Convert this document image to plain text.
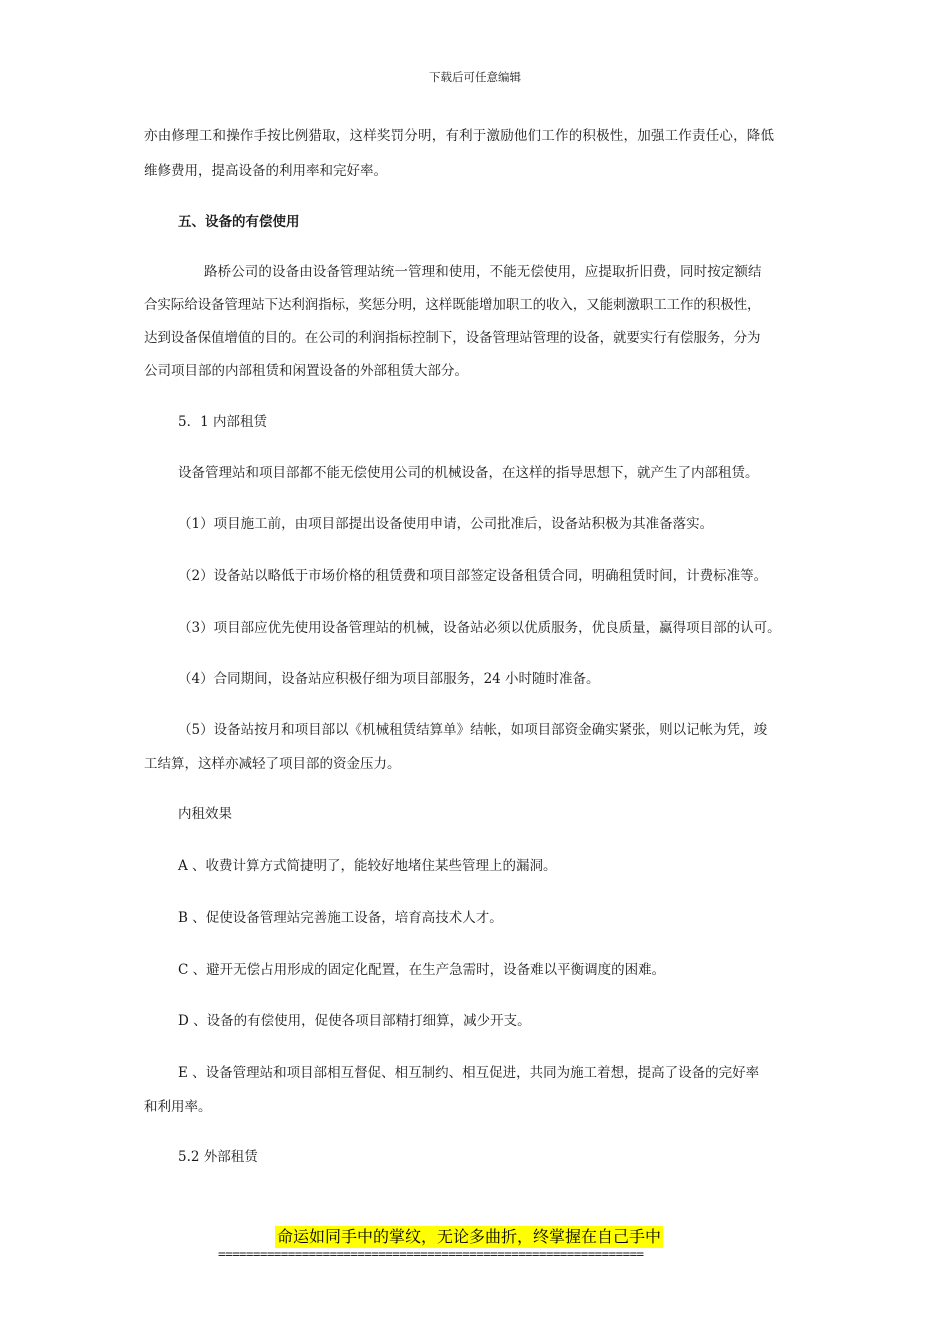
下载后可任意编辑
亦由修理工和操作手按比例猎取，这样奖罚分明，有利于激励他们工作的积极性，加强工作责任心，降低
维修费用，提高设备的利用率和完好率。
五、设备的有偿使用
路桥公司的设备由设备管理站统一管理和使用，不能无偿使用，应提取折旧费，同时按定额结
合实际给设备管理站下达利润指标，奖惩分明，这样既能增加职工的收入，又能刺激职工工作的积极性，
达到设备保值增值的目的。在公司的利润指标控制下，设备管理站管理的设备，就要实行有偿服务，分为
公司项目部的内部租赁和闲置设备的外部租赁大部分。
5．1 内部租赁
设备管理站和项目部都不能无偿使用公司的机械设备，在这样的指导思想下，就产生了内部租赁。
（1）项目施工前，由项目部提出设备使用申请，公司批准后，设备站积极为其准备落实。
（2）设备站以略低于市场价格的租赁费和项目部签定设备租赁合同，明确租赁时间，计费标准等。
（3）项目部应优先使用设备管理站的机械，设备站必须以优质服务，优良质量，赢得项目部的认可。
（4）合同期间，设备站应积极仔细为项目部服务，24 小时随时准备。
（5）设备站按月和项目部以《机械租赁结算单》结帐，如项目部资金确实紧张，则以记帐为凭，竣
工结算，这样亦减轻了项目部的资金压力。
内租效果
A 、收费计算方式简捷明了，能较好地堵住某些管理上的漏洞。
B 、促使设备管理站完善施工设备，培育高技术人才。
C 、避开无偿占用形成的固定化配置，在生产急需时，设备难以平衡调度的困难。
D 、设备的有偿使用，促使各项目部精打细算，减少开支。
E 、设备管理站和项目部相互督促、相互制约、相互促进，共同为施工着想，提高了设备的完好率
和利用率。
5.2 外部租赁
命运如同手中的掌纹，无论多曲折，终掌握在自己手中
=============================================================
